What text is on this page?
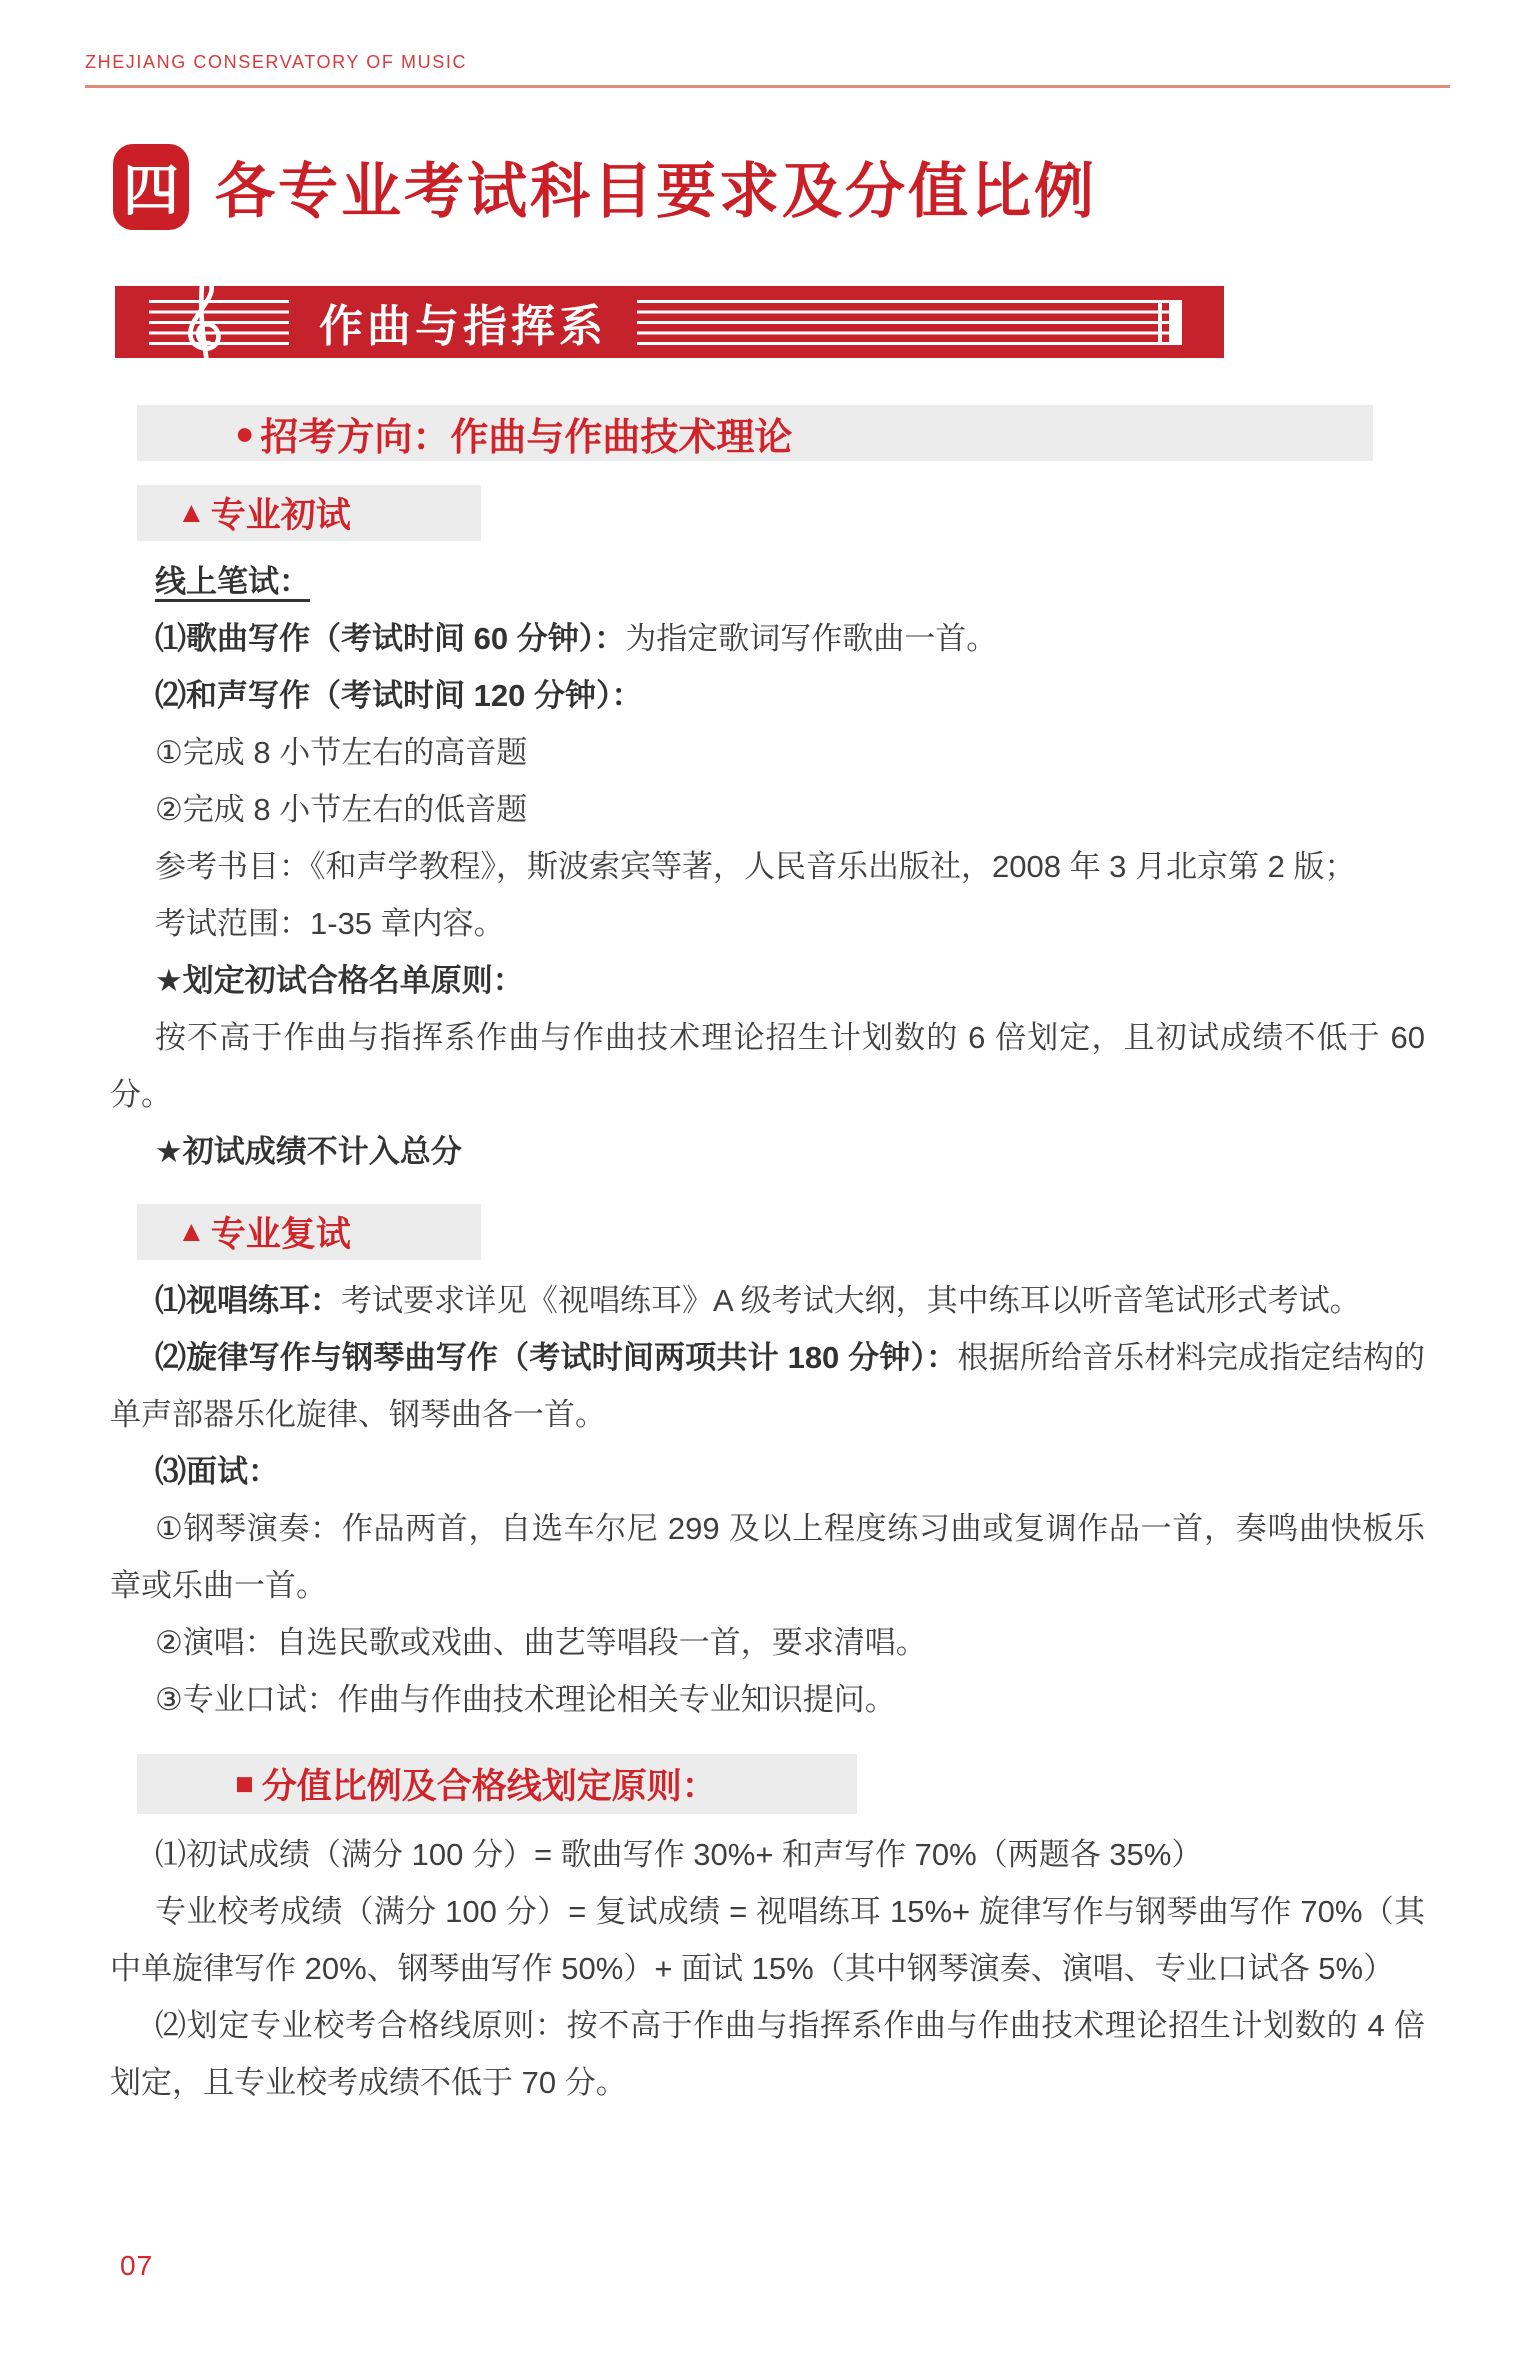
ZHEJIANG CONSERVATORY OF MUSIC
四 各专业考试科目要求及分值比例
作曲与指挥系
● 招考方向：作曲与作曲技术理论
▲ 专业初试

线上笔试：

⑴歌曲写作（考试时间 60 分钟）：为指定歌词写作歌曲一首。

⑵和声写作（考试时间 120 分钟）：

①完成 8 小节左右的高音题

②完成 8 小节左右的低音题

参考书目：《和声学教程》，斯波索宾等著，人民音乐出版社，2008 年 3 月北京第 2 版；

考试范围：1-35 章内容。

★划定初试合格名单原则：

按不高于作曲与指挥系作曲与作曲技术理论招生计划数的 6 倍划定，且初试成绩不低于 60 分。

★初试成绩不计入总分

▲ 专业复试

⑴视唱练耳：考试要求详见《视唱练耳》A 级考试大纲，其中练耳以听音笔试形式考试。

⑵旋律写作与钢琴曲写作（考试时间两项共计 180 分钟）：根据所给音乐材料完成指定结构的单声部器乐化旋律、钢琴曲各一首。

⑶面试：

①钢琴演奏：作品两首，自选车尔尼 299 及以上程度练习曲或复调作品一首，奏鸣曲快板乐章或乐曲一首。

②演唱：自选民歌或戏曲、曲艺等唱段一首，要求清唱。

③专业口试：作曲与作曲技术理论相关专业知识提问。

■ 分值比例及合格线划定原则：

⑴初试成绩（满分 100 分）= 歌曲写作 30%+ 和声写作 70%（两题各 35%）

专业校考成绩（满分 100 分）= 复试成绩 = 视唱练耳 15%+ 旋律写作与钢琴曲写作 70%（其中单旋律写作 20%、钢琴曲写作 50%）+ 面试 15%（其中钢琴演奏、演唱、专业口试各 5%）

⑵划定专业校考合格线原则：按不高于作曲与指挥系作曲与作曲技术理论招生计划数的 4 倍划定，且专业校考成绩不低于 70 分。

07
